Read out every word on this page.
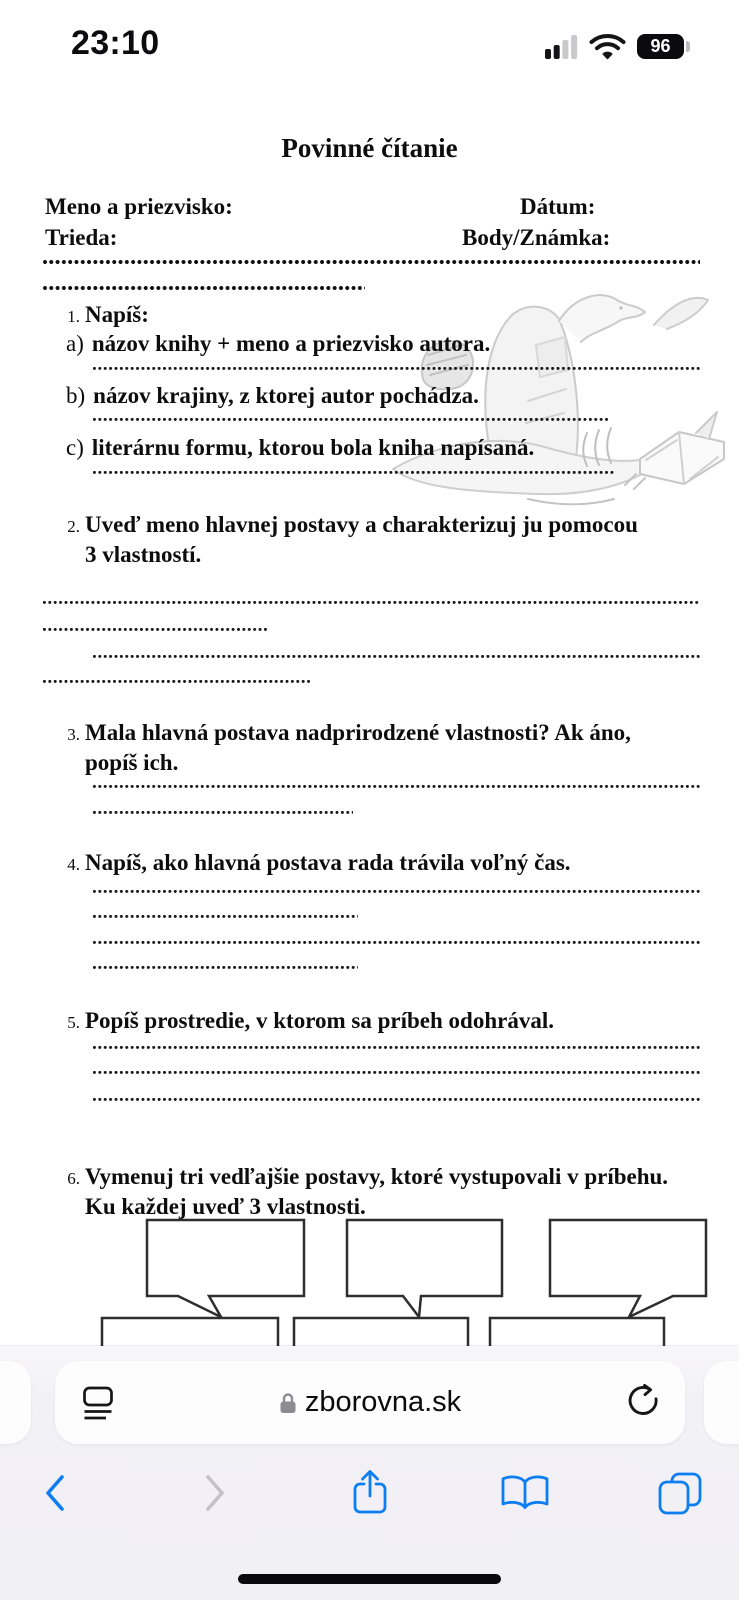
23:10	96
Povinné čítanie
Meno a priezvisko:	Dátum:
Trieda:	Body/Známka:
1. Napíš:
a) názov knihy + meno a priezvisko autora.
b) názov krajiny, z ktorej autor pochádza.
c) literárnu formu, ktorou bola kniha napísaná.
2. Uveď meno hlavnej postavy a charakterizuj ju pomocou 3 vlastností.
3. Mala hlavná postava nadprirodzené vlastnosti? Ak áno, popíš ich.
4. Napíš, ako hlavná postava rada trávila voľný čas.
5. Popíš prostredie, v ktorom sa príbeh odohrával.
6. Vymenuj tri vedľajšie postavy, ktoré vystupovali v príbehu. Ku každej uveď 3 vlastnosti.
zborovna.sk
